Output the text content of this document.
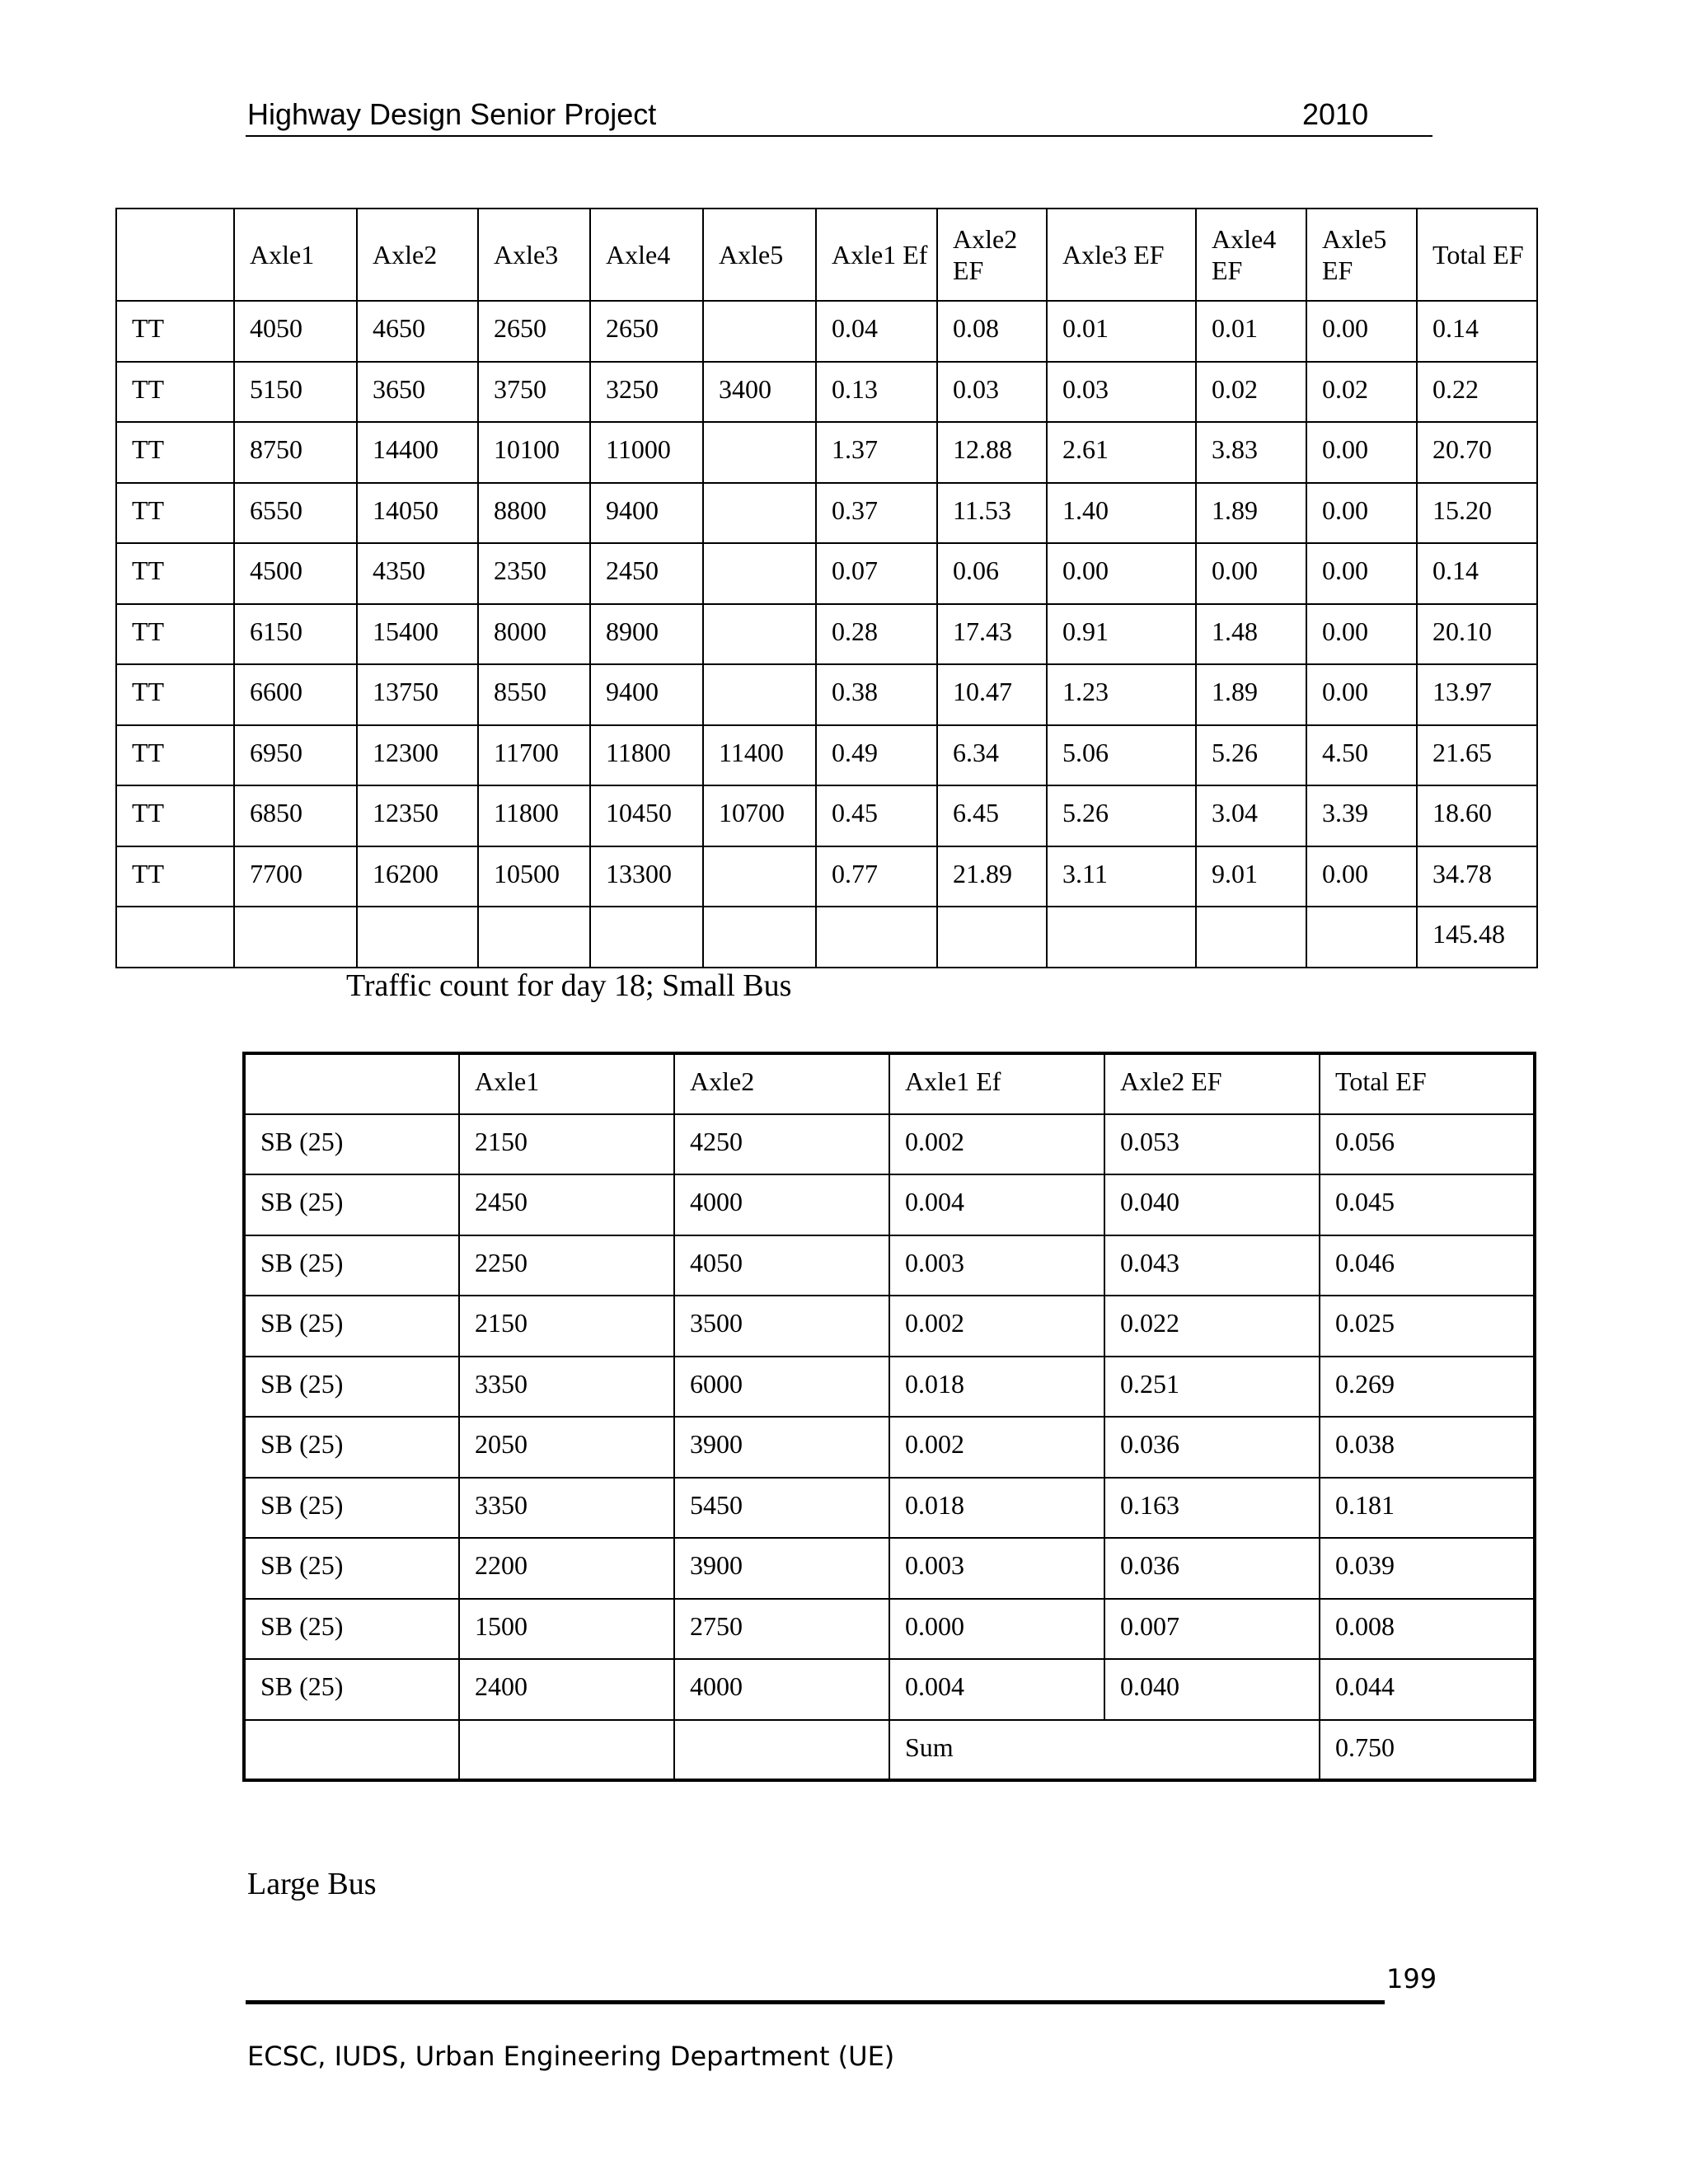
Highway Design Senior Project	2010
	Axle1	Axle2	Axle3	Axle4	Axle5	Axle1 Ef	Axle2 EF	Axle3 EF	Axle4 EF	Axle5 EF	Total EF
TT	4050	4650	2650	2650		0.04	0.08	0.01	0.01	0.00	0.14
TT	5150	3650	3750	3250	3400	0.13	0.03	0.03	0.02	0.02	0.22
TT	8750	14400	10100	11000		1.37	12.88	2.61	3.83	0.00	20.70
TT	6550	14050	8800	9400		0.37	11.53	1.40	1.89	0.00	15.20
TT	4500	4350	2350	2450		0.07	0.06	0.00	0.00	0.00	0.14
TT	6150	15400	8000	8900		0.28	17.43	0.91	1.48	0.00	20.10
TT	6600	13750	8550	9400		0.38	10.47	1.23	1.89	0.00	13.97
TT	6950	12300	11700	11800	11400	0.49	6.34	5.06	5.26	4.50	21.65
TT	6850	12350	11800	10450	10700	0.45	6.45	5.26	3.04	3.39	18.60
TT	7700	16200	10500	13300		0.77	21.89	3.11	9.01	0.00	34.78
											145.48
Traffic count for day 18; Small Bus
	Axle1	Axle2	Axle1 Ef	Axle2 EF	Total EF
SB (25)	2150	4250	0.002	0.053	0.056
SB (25)	2450	4000	0.004	0.040	0.045
SB (25)	2250	4050	0.003	0.043	0.046
SB (25)	2150	3500	0.002	0.022	0.025
SB (25)	3350	6000	0.018	0.251	0.269
SB (25)	2050	3900	0.002	0.036	0.038
SB (25)	3350	5450	0.018	0.163	0.181
SB (25)	2200	3900	0.003	0.036	0.039
SB (25)	1500	2750	0.000	0.007	0.008
SB (25)	2400	4000	0.004	0.040	0.044
			Sum		0.750
Large Bus
199
ECSC, IUDS, Urban Engineering Department (UE)
